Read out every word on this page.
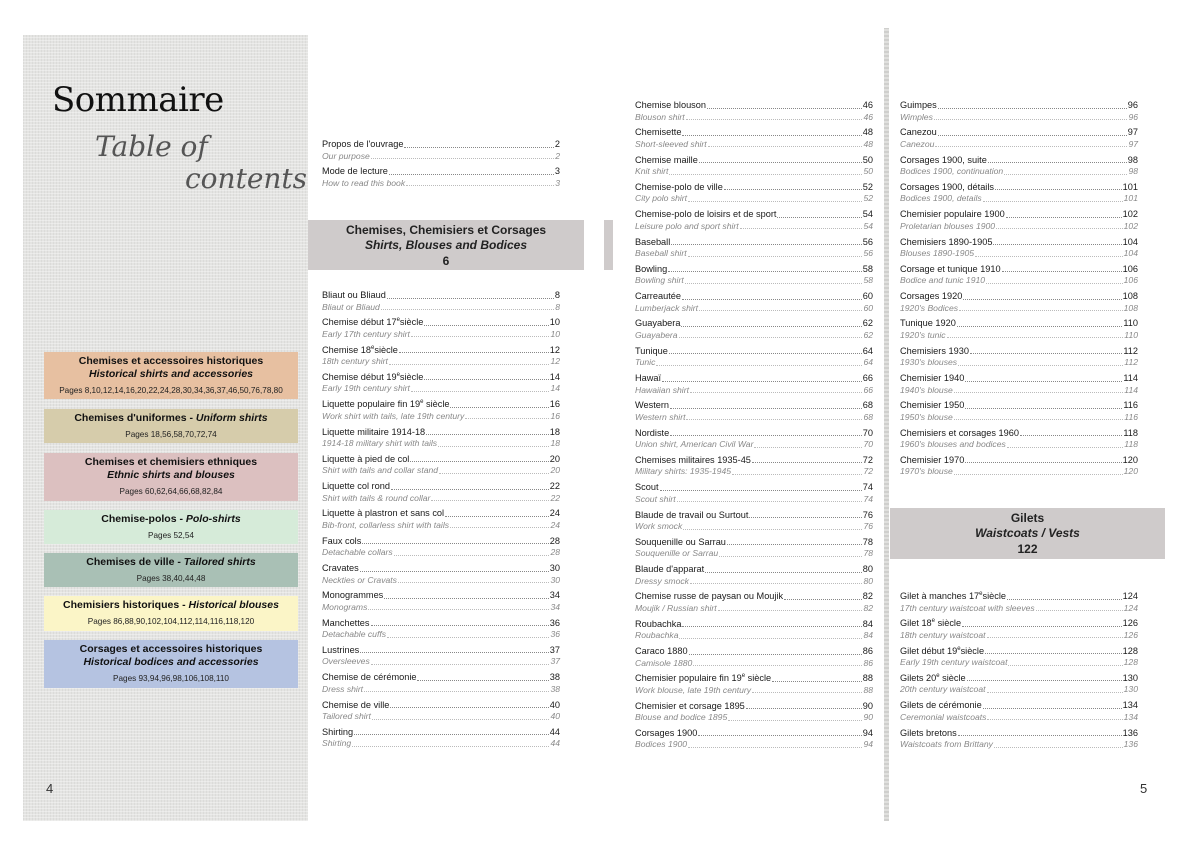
Sommaire
Table of
contents
Chemises et accessoires historiques
Historical shirts and accessories
Pages 8,10,12,14,16,20,22,24,28,30,34,36,37,46,50,76,78,80
Chemises d'uniformes - Uniform shirts
Pages 18,56,58,70,72,74
Chemises et chemisiers ethniques
Ethnic shirts and blouses
Pages 60,62,64,66,68,82,84
Chemise-polos - Polo-shirts
Pages 52,54
Chemises de ville - Tailored shirts
Pages 38,40,44,48
Chemisiers historiques - Historical blouses
Pages 86,88,90,102,104,112,114,116,118,120
Corsages et accessoires historiques
Historical bodices and accessories
Pages 93,94,96,98,106,108,110
4	5
Propos de l'ouvrage	2
Our purpose	2
Mode de lecture	3
How to read this book	3
Chemises, Chemisiers et Corsages
Shirts, Blouses and Bodices
6
Gilets
Waistcoats / Vests
122
Bliaut ou Bliaud	8
Bliaut or Bliaud	8
Chemise début 17esiècle	10
Early 17th century shirt	10
Chemise 18esiècle	12
18th century shirt	12
Chemise début 19esiècle	14
Early 19th century shirt	14
Liquette populaire fin 19e siècle	16
Work shirt with tails, late 19th century	16
Liquette militaire 1914-18	18
1914-18 military shirt with tails	18
Liquette à pied de col	20
Shirt with tails and collar stand	20
Liquette col rond	22
Shirt with tails & round collar	22
Liquette à plastron et sans col	24
Bib-front, collarless shirt with tails	24
Faux cols	28
Detachable collars	28
Cravates	30
Neckties or Cravats	30
Monogrammes	34
Monograms	34
Manchettes	36
Detachable cuffs	36
Lustrines	37
Oversleeves	37
Chemise de cérémonie	38
Dress shirt	38
Chemise de ville	40
Tailored shirt	40
Shirting	44
Shirting	44
Chemise blouson	46
Blouson shirt	46
Chemisette	48
Short-sleeved shirt	48
Chemise maille	50
Knit shirt	50
Chemise-polo de ville	52
City polo shirt	52
Chemise-polo de loisirs et de sport	54
Leisure polo and sport shirt	54
Baseball	56
Baseball shirt	56
Bowling	58
Bowling shirt	58
Carreautée	60
Lumberjack shirt	60
Guayabera	62
Guayabera	62
Tunique	64
Tunic	64
Hawaï	66
Hawaiian shirt	66
Western	68
Western shirt	68
Nordiste	70
Union shirt, American Civil War	70
Chemises militaires 1935-45	72
Military shirts: 1935-1945	72
Scout	74
Scout shirt	74
Blaude de travail ou Surtout	76
Work smock	76
Souquenille ou Sarrau	78
Souquenille or Sarrau	78
Blaude d'apparat	80
Dressy smock	80
Chemise russe de paysan ou Moujik	82
Moujik / Russian shirt	82
Roubachka	84
Roubachka	84
Caraco 1880	86
Camisole 1880	86
Chemisier populaire fin 19e siècle	88
Work blouse, late 19th century	88
Chemisier et corsage 1895	90
Blouse and bodice 1895	90
Corsages 1900	94
Bodices 1900	94
Guimpes	96
Wimples	96
Canezou	97
Canezou	97
Corsages 1900, suite	98
Bodices 1900, continuation	98
Corsages 1900, détails	101
Bodices 1900, details	101
Chemisier populaire 1900	102
Proletarian blouses 1900	102
Chemisiers 1890-1905	104
Blouses 1890-1905	104
Corsage et tunique 1910	106
Bodice and tunic 1910	106
Corsages 1920	108
1920's Bodices	108
Tunique 1920	110
1920's tunic	110
Chemisiers 1930	112
1930's blouses	112
Chemisier 1940	114
1940's blouse	114
Chemisier 1950	116
1950's blouse	116
Chemisiers et corsages 1960	118
1960's blouses and bodices	118
Chemisier 1970	120
1970's blouse	120
Gilet à manches 17esiècle	124
17th century waistcoat with sleeves	124
Gilet 18e siècle	126
18th century waistcoat	126
Gilet début 19esiècle	128
Early 19th century waistcoat	128
Gilets 20e siècle	130
20th century waistcoat	130
Gilets de cérémonie	134
Ceremonial waistcoats	134
Gilets bretons	136
Waistcoats from Brittany	136
